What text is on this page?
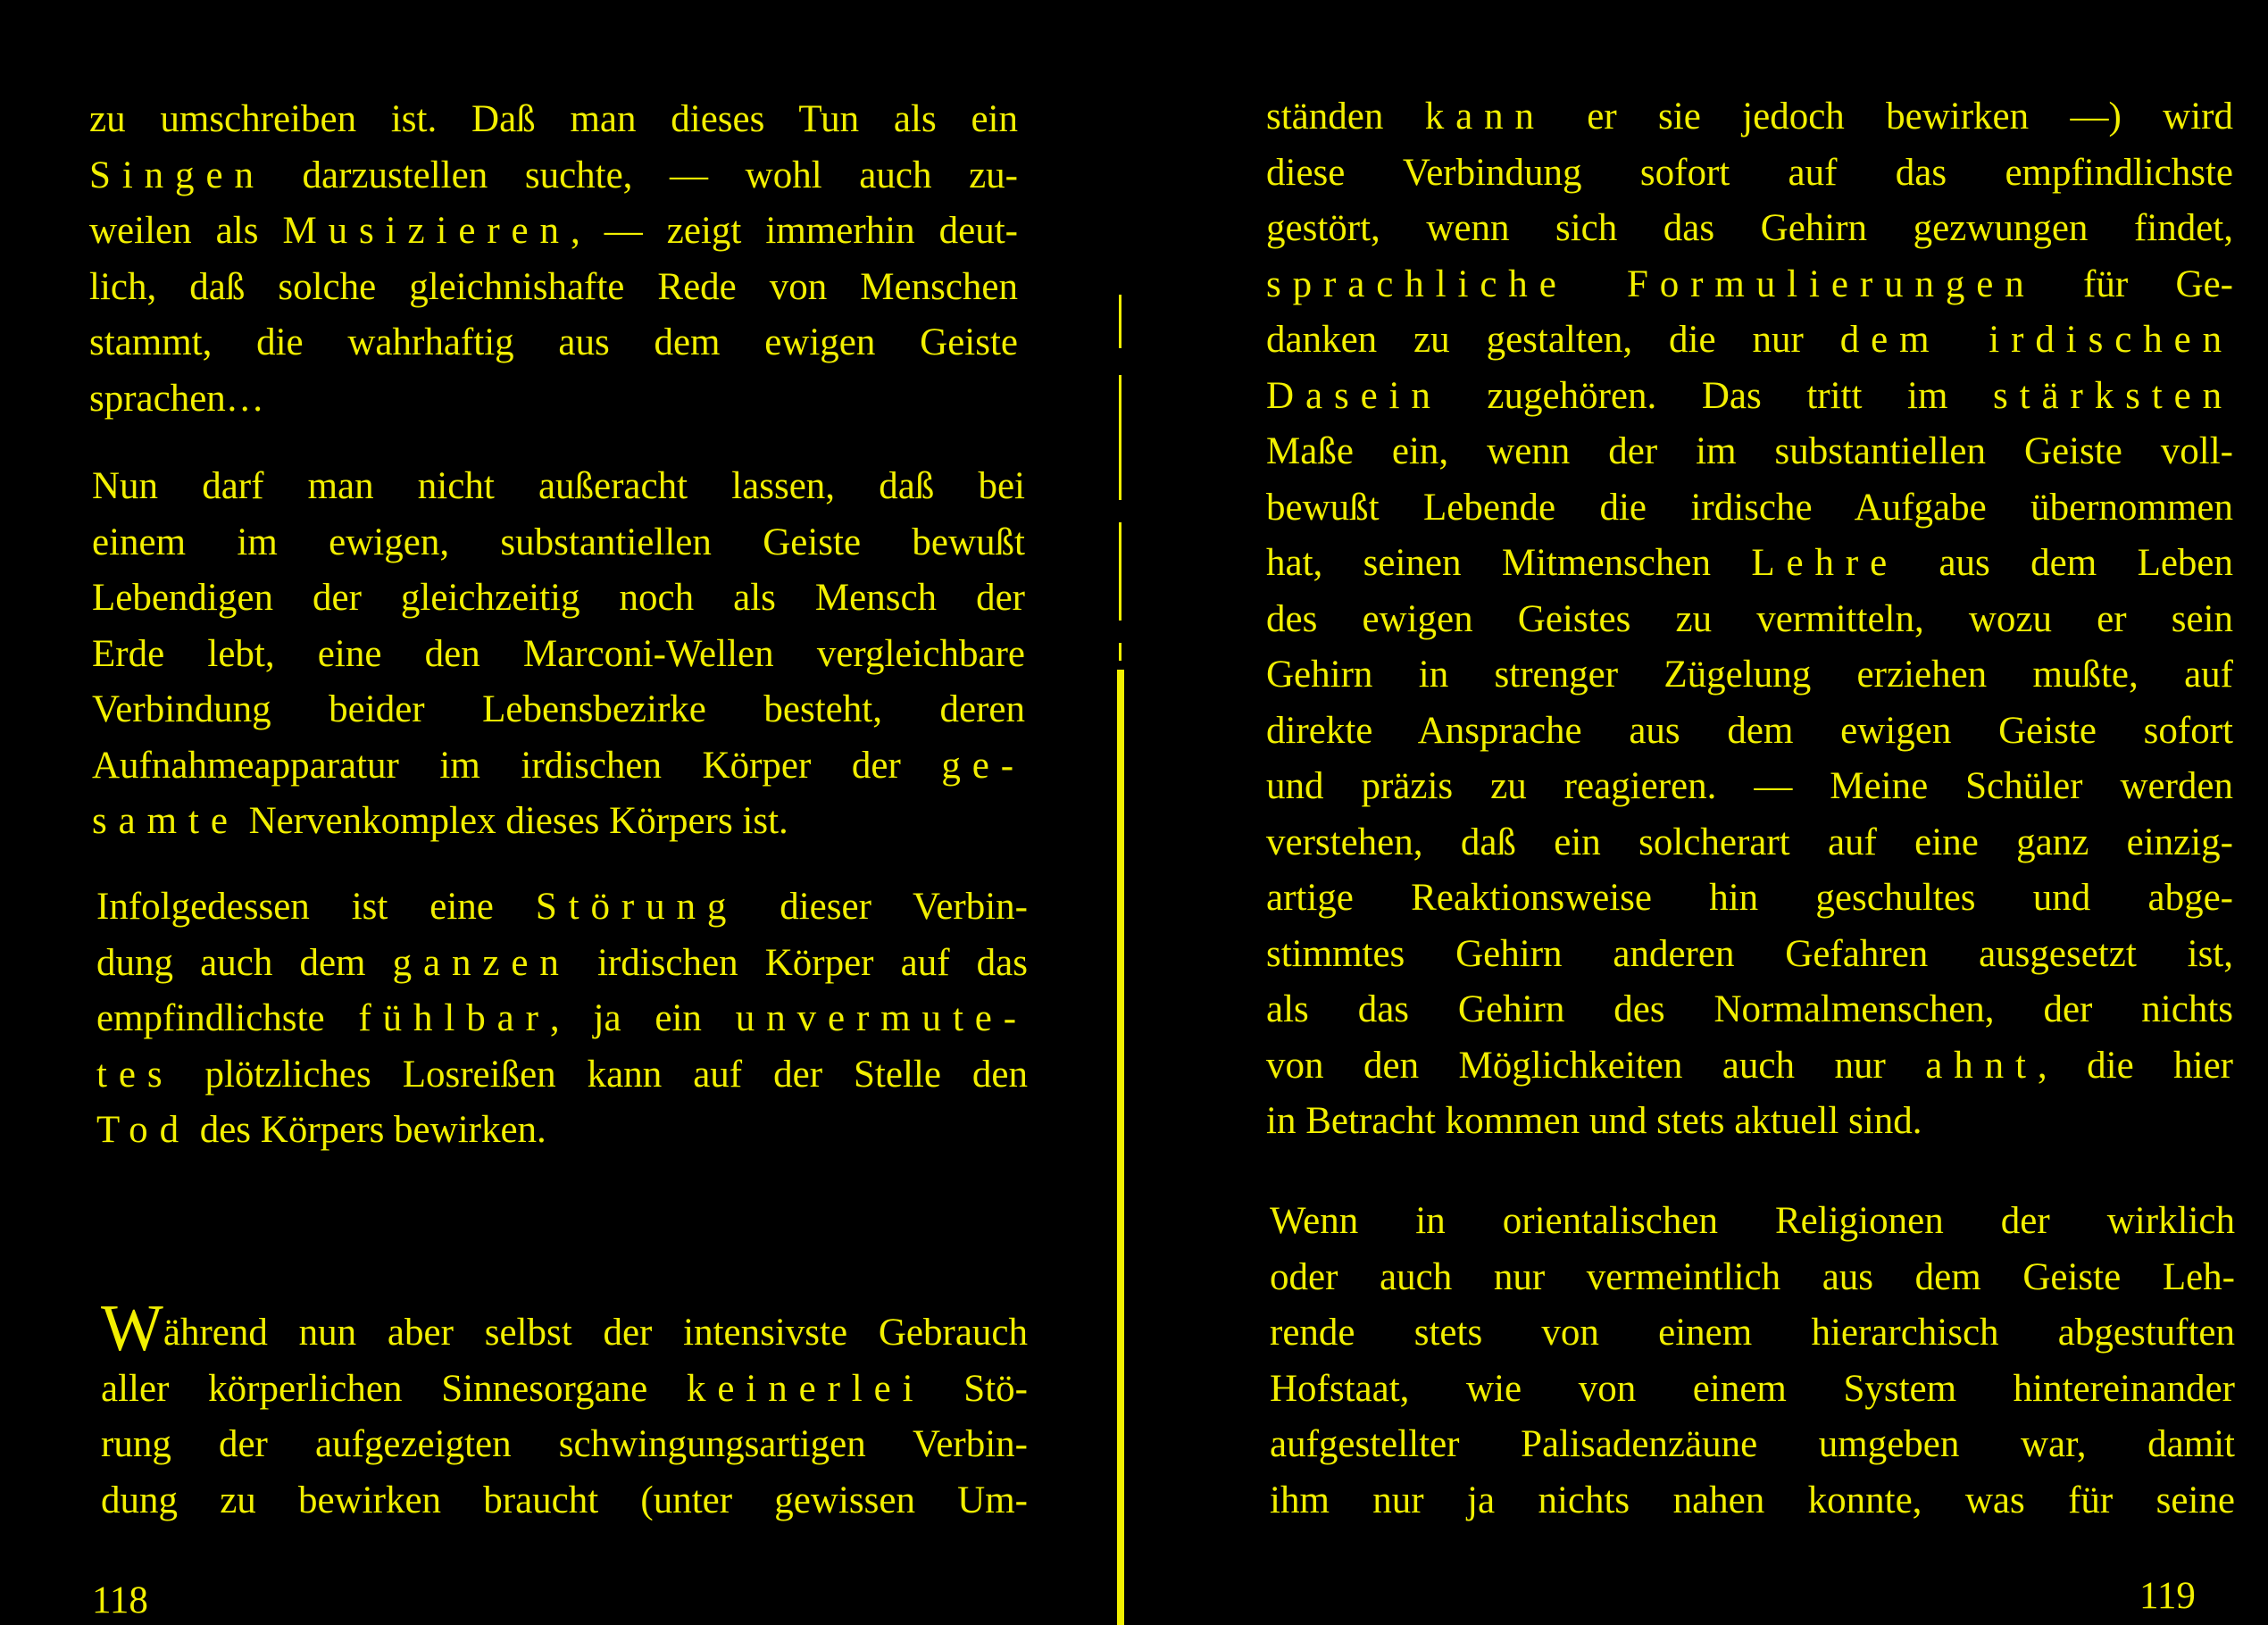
zu umschreiben ist. Daß man dieses Tun als ein
Singen darzustellen suchte, — wohl auch zu-
weilen als Musizieren, — zeigt immerhin deut-
lich, daß solche gleichnishafte Rede von Menschen
stammt, die wahrhaftig aus dem ewigen Geiste
sprachen…
Nun darf man nicht außeracht lassen, daß bei
einem im ewigen, substantiellen Geiste bewußt
Lebendigen der gleichzeitig noch als Mensch der
Erde lebt, eine den Marconi-Wellen vergleichbare
Verbindung beider Lebensbezirke besteht, deren
Aufnahmeapparatur im irdischen Körper der ge-
samte Nervenkomplex dieses Körpers ist.
Infolgedessen ist eine Störung dieser Verbin-
dung auch dem ganzen irdischen Körper auf das
empfindlichste fühlbar, ja ein unvermute-
tes plötzliches Losreißen kann auf der Stelle den
Tod des Körpers bewirken.
Während nun aber selbst der intensivste Gebrauch
aller körperlichen Sinnesorgane keinerlei Stö-
rung der aufgezeigten schwingungsartigen Verbin-
dung zu bewirken braucht (unter gewissen Um-
118
ständen kann er sie jedoch bewirken —) wird
diese Verbindung sofort auf das empfindlichste
gestört, wenn sich das Gehirn gezwungen findet,
sprachliche Formulierungen für Ge-
danken zu gestalten, die nur dem irdischen
Dasein zugehören. Das tritt im stärksten
Maße ein, wenn der im substantiellen Geiste voll-
bewußt Lebende die irdische Aufgabe übernommen
hat, seinen Mitmenschen Lehre aus dem Leben
des ewigen Geistes zu vermitteln, wozu er sein
Gehirn in strenger Zügelung erziehen mußte, auf
direkte Ansprache aus dem ewigen Geiste sofort
und präzis zu reagieren. — Meine Schüler werden
verstehen, daß ein solcherart auf eine ganz einzig-
artige Reaktionsweise hin geschultes und abge-
stimmtes Gehirn anderen Gefahren ausgesetzt ist,
als das Gehirn des Normalmenschen, der nichts
von den Möglichkeiten auch nur ahnt, die hier
in Betracht kommen und stets aktuell sind.
Wenn in orientalischen Religionen der wirklich
oder auch nur vermeintlich aus dem Geiste Leh-
rende stets von einem hierarchisch abgestuften
Hofstaat, wie von einem System hintereinander
aufgestellter Palisadenzäune umgeben war, damit
ihm nur ja nichts nahen konnte, was für seine
119
